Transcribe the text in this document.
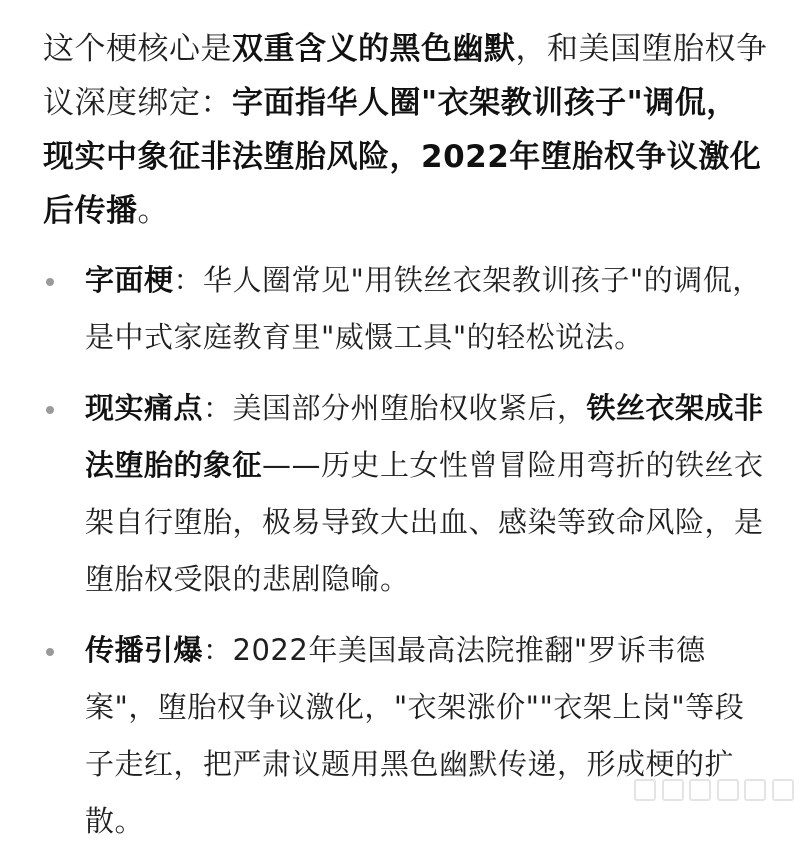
这个梗核心是双重含义的黑色幽默，和美国堕胎权争议深度绑定：字面指华人圈"衣架教训孩子"调侃，现实中象征非法堕胎风险，2022年堕胎权争议激化后传播。

字面梗：华人圈常见"用铁丝衣架教训孩子"的调侃，是中式家庭教育里"威慑工具"的轻松说法。
现实痛点：美国部分州堕胎权收紧后，铁丝衣架成非法堕胎的象征——历史上女性曾冒险用弯折的铁丝衣架自行堕胎，极易导致大出血、感染等致命风险，是堕胎权受限的悲剧隐喻。
传播引爆：2022年美国最高法院推翻"罗诉韦德案"，堕胎权争议激化，"衣架涨价""衣架上岗"等段子走红，把严肃议题用黑色幽默传递，形成梗的扩散。
